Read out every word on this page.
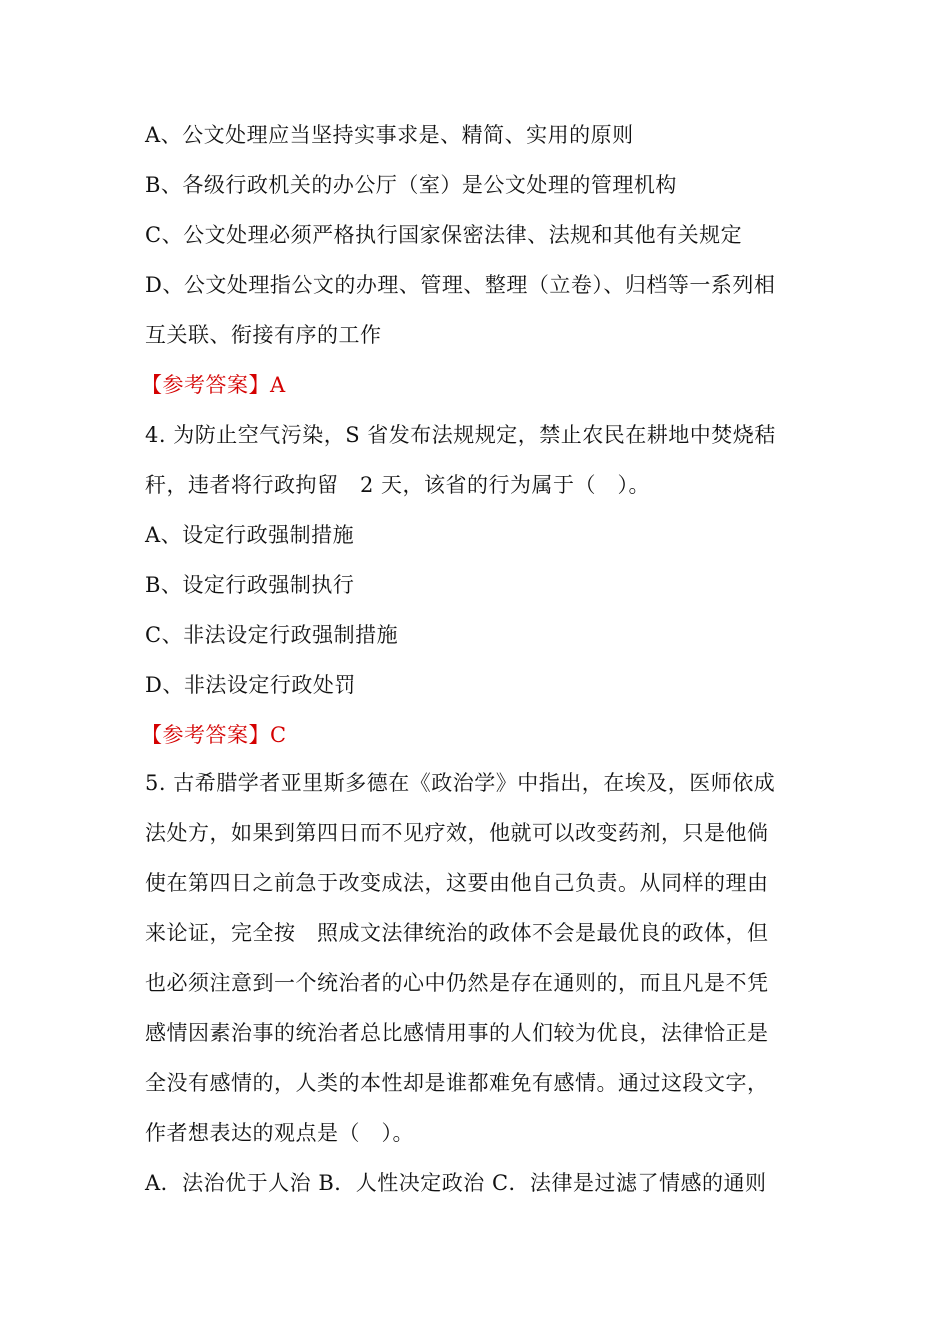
A、公文处理应当坚持实事求是、精简、实用的原则
B、各级行政机关的办公厅（室）是公文处理的管理机构
C、公文处理必须严格执行国家保密法律、法规和其他有关规定
D、公文处理指公文的办理、管理、整理（立卷）、归档等一系列相
互关联、衔接有序的工作
【参考答案】A
4. 为防止空气污染，S 省发布法规规定，禁止农民在耕地中焚烧秸
秆，违者将行政拘留　2 天，该省的行为属于（　）。
A、设定行政强制措施
B、设定行政强制执行
C、非法设定行政强制措施
D、非法设定行政处罚
【参考答案】C
5. 古希腊学者亚里斯多德在《政治学》中指出，在埃及，医师依成
法处方，如果到第四日而不见疗效，他就可以改变药剂，只是他倘
使在第四日之前急于改变成法，这要由他自己负责。从同样的理由
来论证，完全按　照成文法律统治的政体不会是最优良的政体，但
也必须注意到一个统治者的心中仍然是存在通则的，而且凡是不凭
感情因素治事的统治者总比感情用事的人们较为优良，法律恰正是
全没有感情的，人类的本性却是谁都难免有感情。通过这段文字，
作者想表达的观点是（　）。
A．法治优于人治 B．人性决定政治 C．法律是过滤了情感的通则
